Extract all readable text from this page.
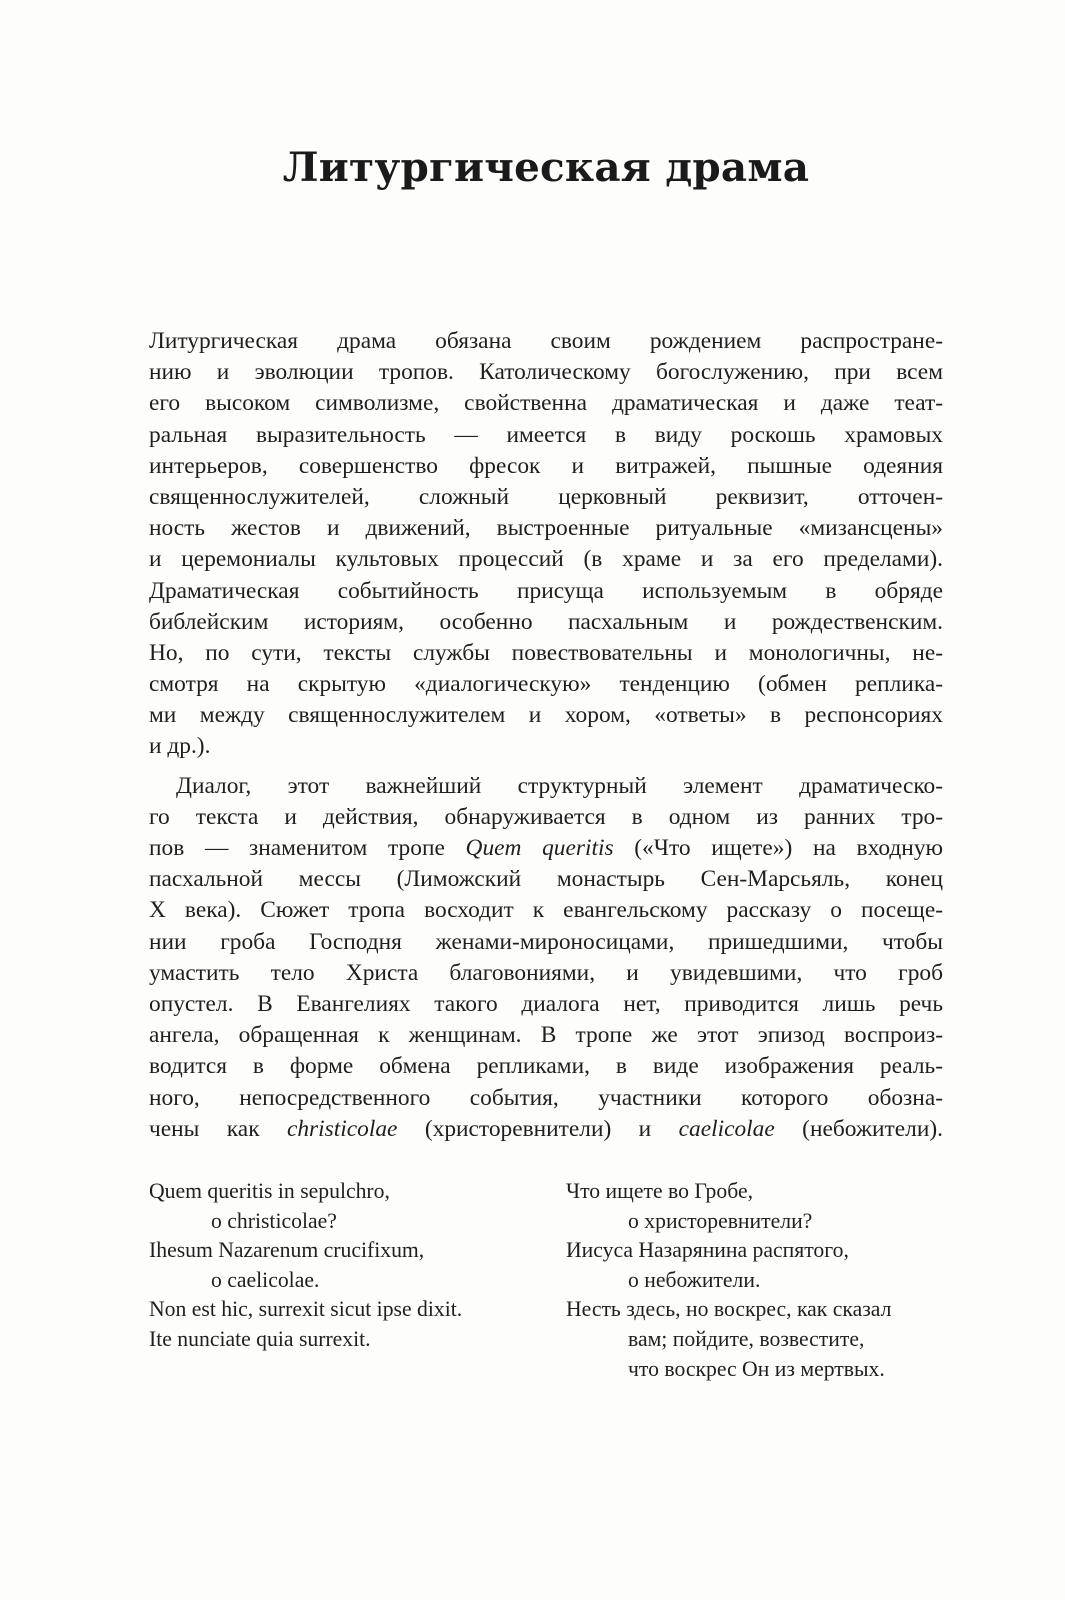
Литургическая драма
Литургическая драма обязана своим рождением распростране-
нию и эволюции тропов. Католическому богослужению, при всем
его высоком символизме, свойственна драматическая и даже теат-
ральная выразительность — имеется в виду роскошь храмовых
интерьеров, совершенство фресок и витражей, пышные одеяния
священнослужителей, сложный церковный реквизит, отточен-
ность жестов и движений, выстроенные ритуальные «мизансцены»
и церемониалы культовых процессий (в храме и за его пределами).
Драматическая событийность присуща используемым в обряде
библейским историям, особенно пасхальным и рождественским.
Но, по сути, тексты службы повествовательны и монологичны, не-
смотря на скрытую «диалогическую» тенденцию (обмен реплика-
ми между священнослужителем и хором, «ответы» в респонсориях
и др.).
Диалог, этот важнейший структурный элемент драматическо-
го текста и действия, обнаруживается в одном из ранних тро-
пов — знаменитом тропе Quem queritis («Что ищете») на входную
пасхальной мессы (Лиможский монастырь Сен-Марсьяль, конец
X века). Сюжет тропа восходит к евангельскому рассказу о посеще-
нии гроба Господня женами-мироносицами, пришедшими, чтобы
умастить тело Христа благовониями, и увидевшими, что гроб
опустел. В Евангелиях такого диалога нет, приводится лишь речь
ангела, обращенная к женщинам. В тропе же этот эпизод воспроиз-
водится в форме обмена репликами, в виде изображения реаль-
ного, непосредственного события, участники которого обозна-
чены как christicolae (христоревнители) и caelicolae (небожители).
Quem queritis in sepulchro,
o christicolae?
Ihesum Nazarenum crucifixum,
o caelicolae.
Non est hic, surrexit sicut ipse dixit.
Ite nunciate quia surrexit.
Что ищете во Гробе,
о христоревнители?
Иисуса Назарянина распятого,
о небожители.
Несть здесь, но воскрес, как сказал
вам; пойдите, возвестите,
что воскрес Он из мертвых.
